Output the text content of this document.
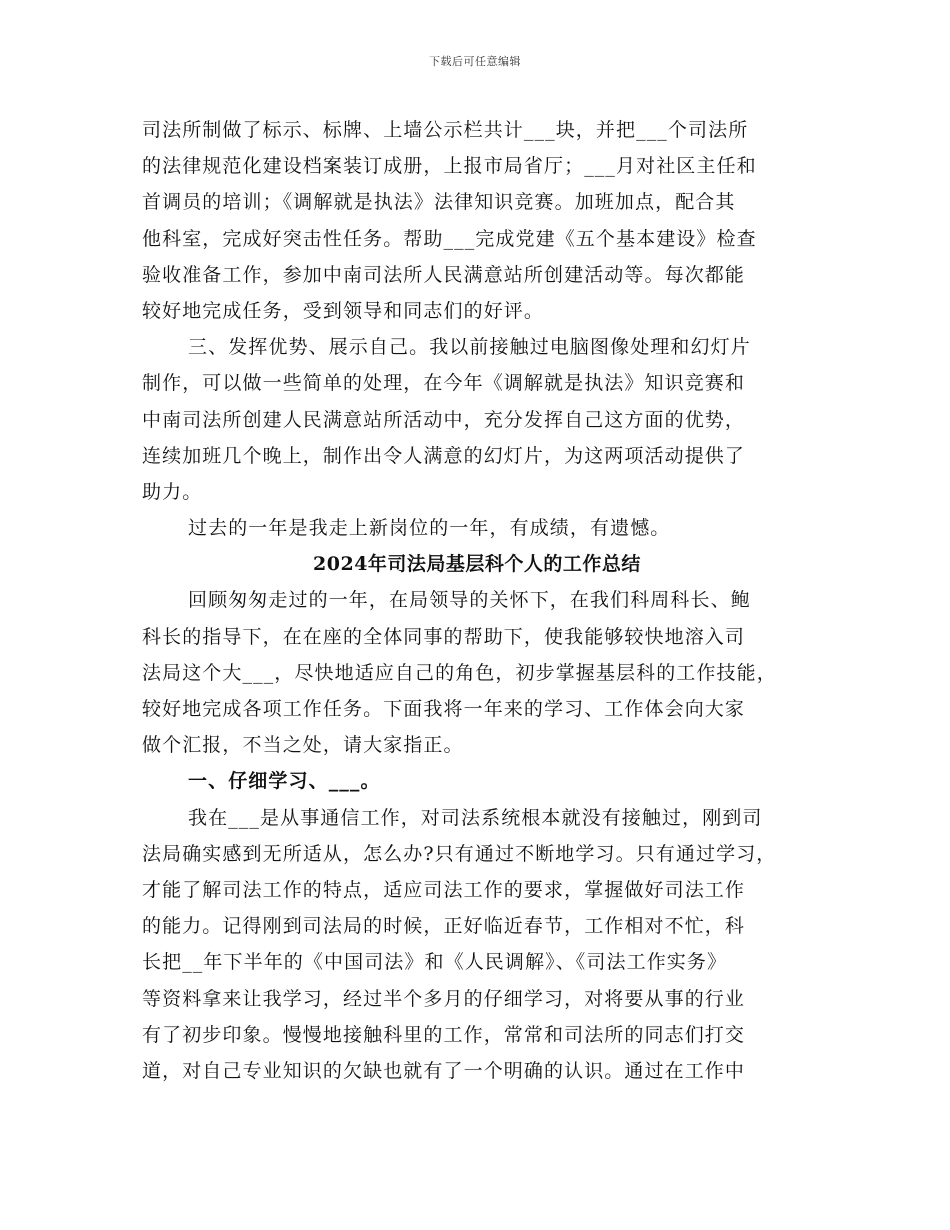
下载后可任意编辑
司法所制做了标示、标牌、上墙公示栏共计___块，并把___个司法所
的法律规范化建设档案装订成册，上报市局省厅；___月对社区主任和
首调员的培训；《调解就是执法》法律知识竞赛。加班加点，配合其
他科室，完成好突击性任务。帮助___完成党建《五个基本建设》检查
验收准备工作，参加中南司法所人民满意站所创建活动等。每次都能
较好地完成任务，受到领导和同志们的好评。
三、发挥优势、展示自己。我以前接触过电脑图像处理和幻灯片
制作，可以做一些简单的处理，在今年《调解就是执法》知识竞赛和
中南司法所创建人民满意站所活动中，充分发挥自己这方面的优势，
连续加班几个晚上，制作出令人满意的幻灯片，为这两项活动提供了
助力。
过去的一年是我走上新岗位的一年，有成绩，有遗憾。
2024年司法局基层科个人的工作总结
回顾匆匆走过的一年，在局领导的关怀下，在我们科周科长、鲍
科长的指导下，在在座的全体同事的帮助下，使我能够较快地溶入司
法局这个大___，尽快地适应自己的角色，初步掌握基层科的工作技能，
较好地完成各项工作任务。下面我将一年来的学习、工作体会向大家
做个汇报，不当之处，请大家指正。
一、仔细学习、___。
我在___是从事通信工作，对司法系统根本就没有接触过，刚到司
法局确实感到无所适从，怎么办?只有通过不断地学习。只有通过学习，
才能了解司法工作的特点，适应司法工作的要求，掌握做好司法工作
的能力。记得刚到司法局的时候，正好临近春节，工作相对不忙，科
长把__年下半年的《中国司法》和《人民调解》、《司法工作实务》
等资料拿来让我学习，经过半个多月的仔细学习，对将要从事的行业
有了初步印象。慢慢地接触科里的工作，常常和司法所的同志们打交
道，对自己专业知识的欠缺也就有了一个明确的认识。通过在工作中
